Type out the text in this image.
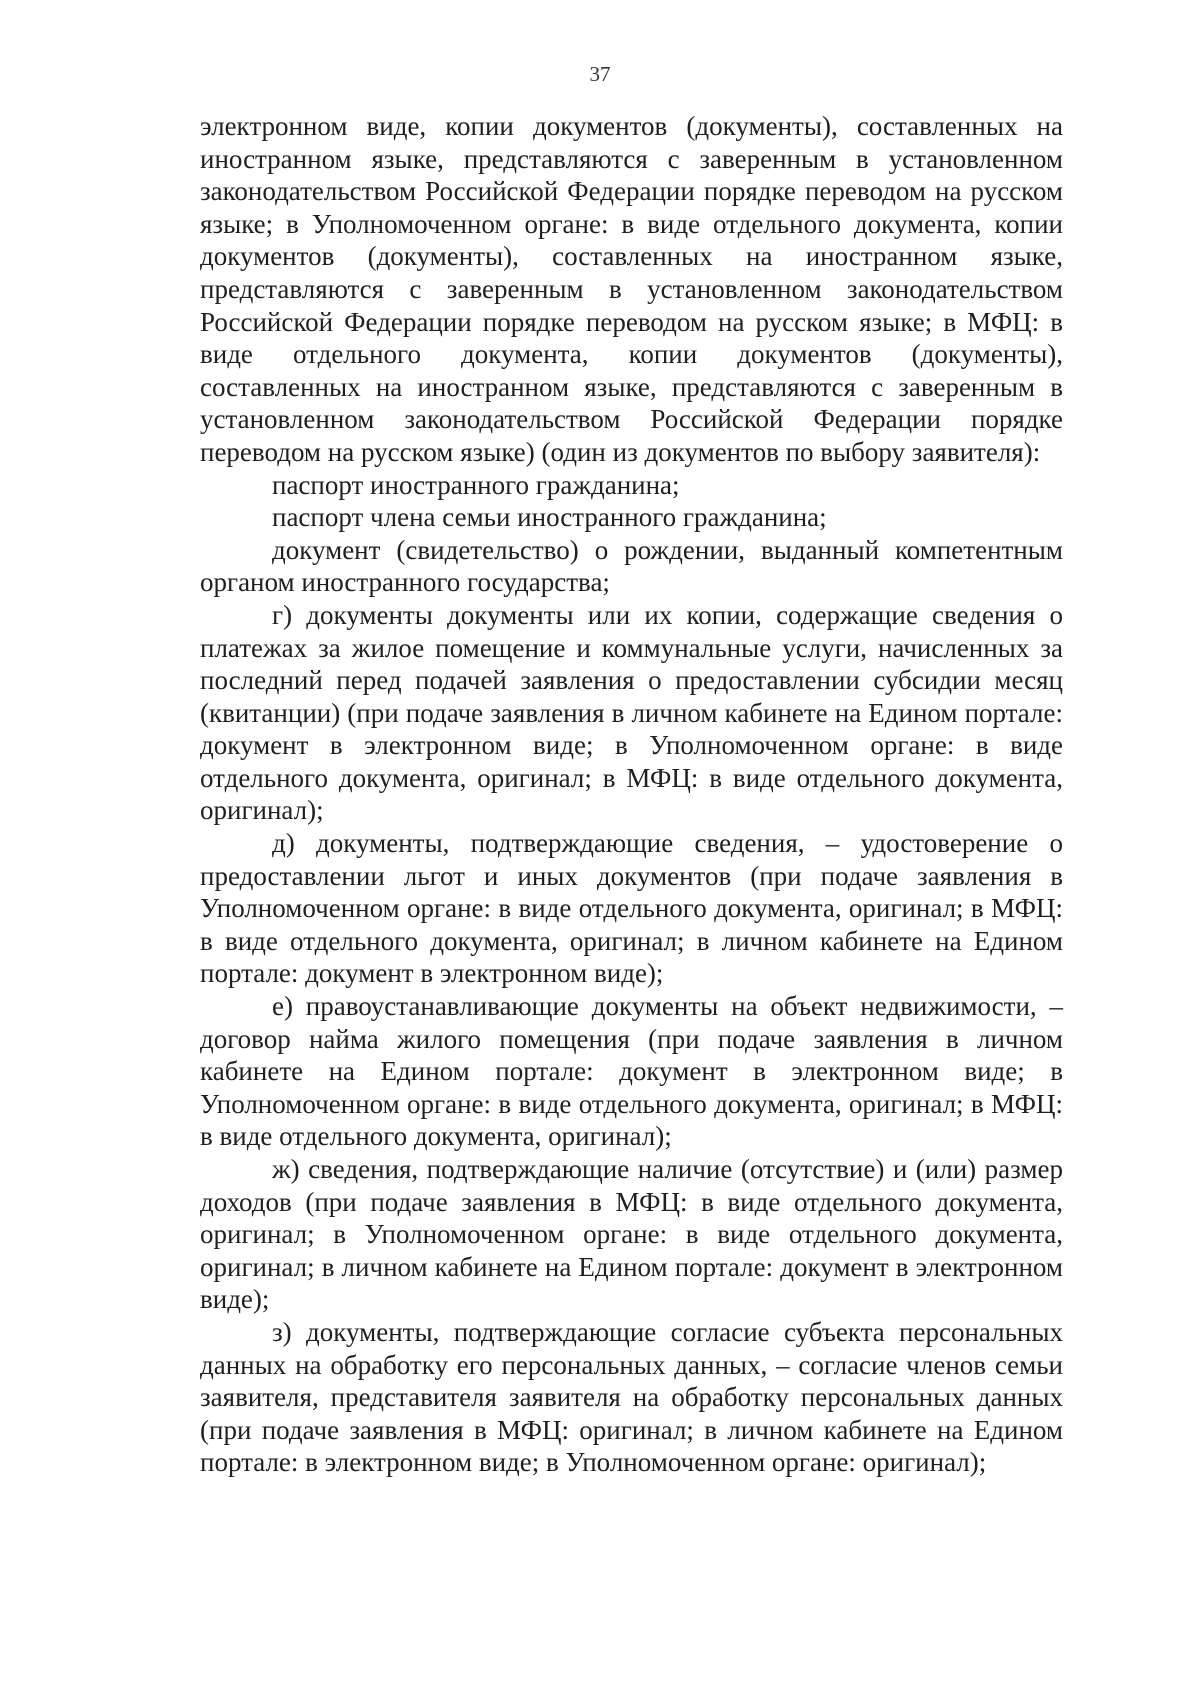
37

электронном виде, копии документов (документы), составленных на иностранном языке, представляются с заверенным в установленном законодательством Российской Федерации порядке переводом на русском языке; в Уполномоченном органе: в виде отдельного документа, копии документов (документы), составленных на иностранном языке, представляются с заверенным в установленном законодательством Российской Федерации порядке переводом на русском языке; в МФЦ: в виде отдельного документа, копии документов (документы), составленных на иностранном языке, представляются с заверенным в установленном законодательством Российской Федерации порядке переводом на русском языке) (один из документов по выбору заявителя):

паспорт иностранного гражданина;

паспорт члена семьи иностранного гражданина;

документ (свидетельство) о рождении, выданный компетентным органом иностранного государства;

г) документы документы или их копии, содержащие сведения о платежах за жилое помещение и коммунальные услуги, начисленных за последний перед подачей заявления о предоставлении субсидии месяц (квитанции) (при подаче заявления в личном кабинете на Едином портале: документ в электронном виде; в Уполномоченном органе: в виде отдельного документа, оригинал; в МФЦ: в виде отдельного документа, оригинал);

д) документы, подтверждающие сведения, – удостоверение о предоставлении льгот и иных документов (при подаче заявления в Уполномоченном органе: в виде отдельного документа, оригинал; в МФЦ: в виде отдельного документа, оригинал; в личном кабинете на Едином портале: документ в электронном виде);

е) правоустанавливающие документы на объект недвижимости, – договор найма жилого помещения (при подаче заявления в личном кабинете на Едином портале: документ в электронном виде; в Уполномоченном органе: в виде отдельного документа, оригинал; в МФЦ: в виде отдельного документа, оригинал);

ж) сведения, подтверждающие наличие (отсутствие) и (или) размер доходов (при подаче заявления в МФЦ: в виде отдельного документа, оригинал; в Уполномоченном органе: в виде отдельного документа, оригинал; в личном кабинете на Едином портале: документ в электронном виде);

з) документы, подтверждающие согласие субъекта персональных данных на обработку его персональных данных, – согласие членов семьи заявителя, представителя заявителя на обработку персональных данных (при подаче заявления в МФЦ: оригинал; в личном кабинете на Едином портале: в электронном виде; в Уполномоченном органе: оригинал);
